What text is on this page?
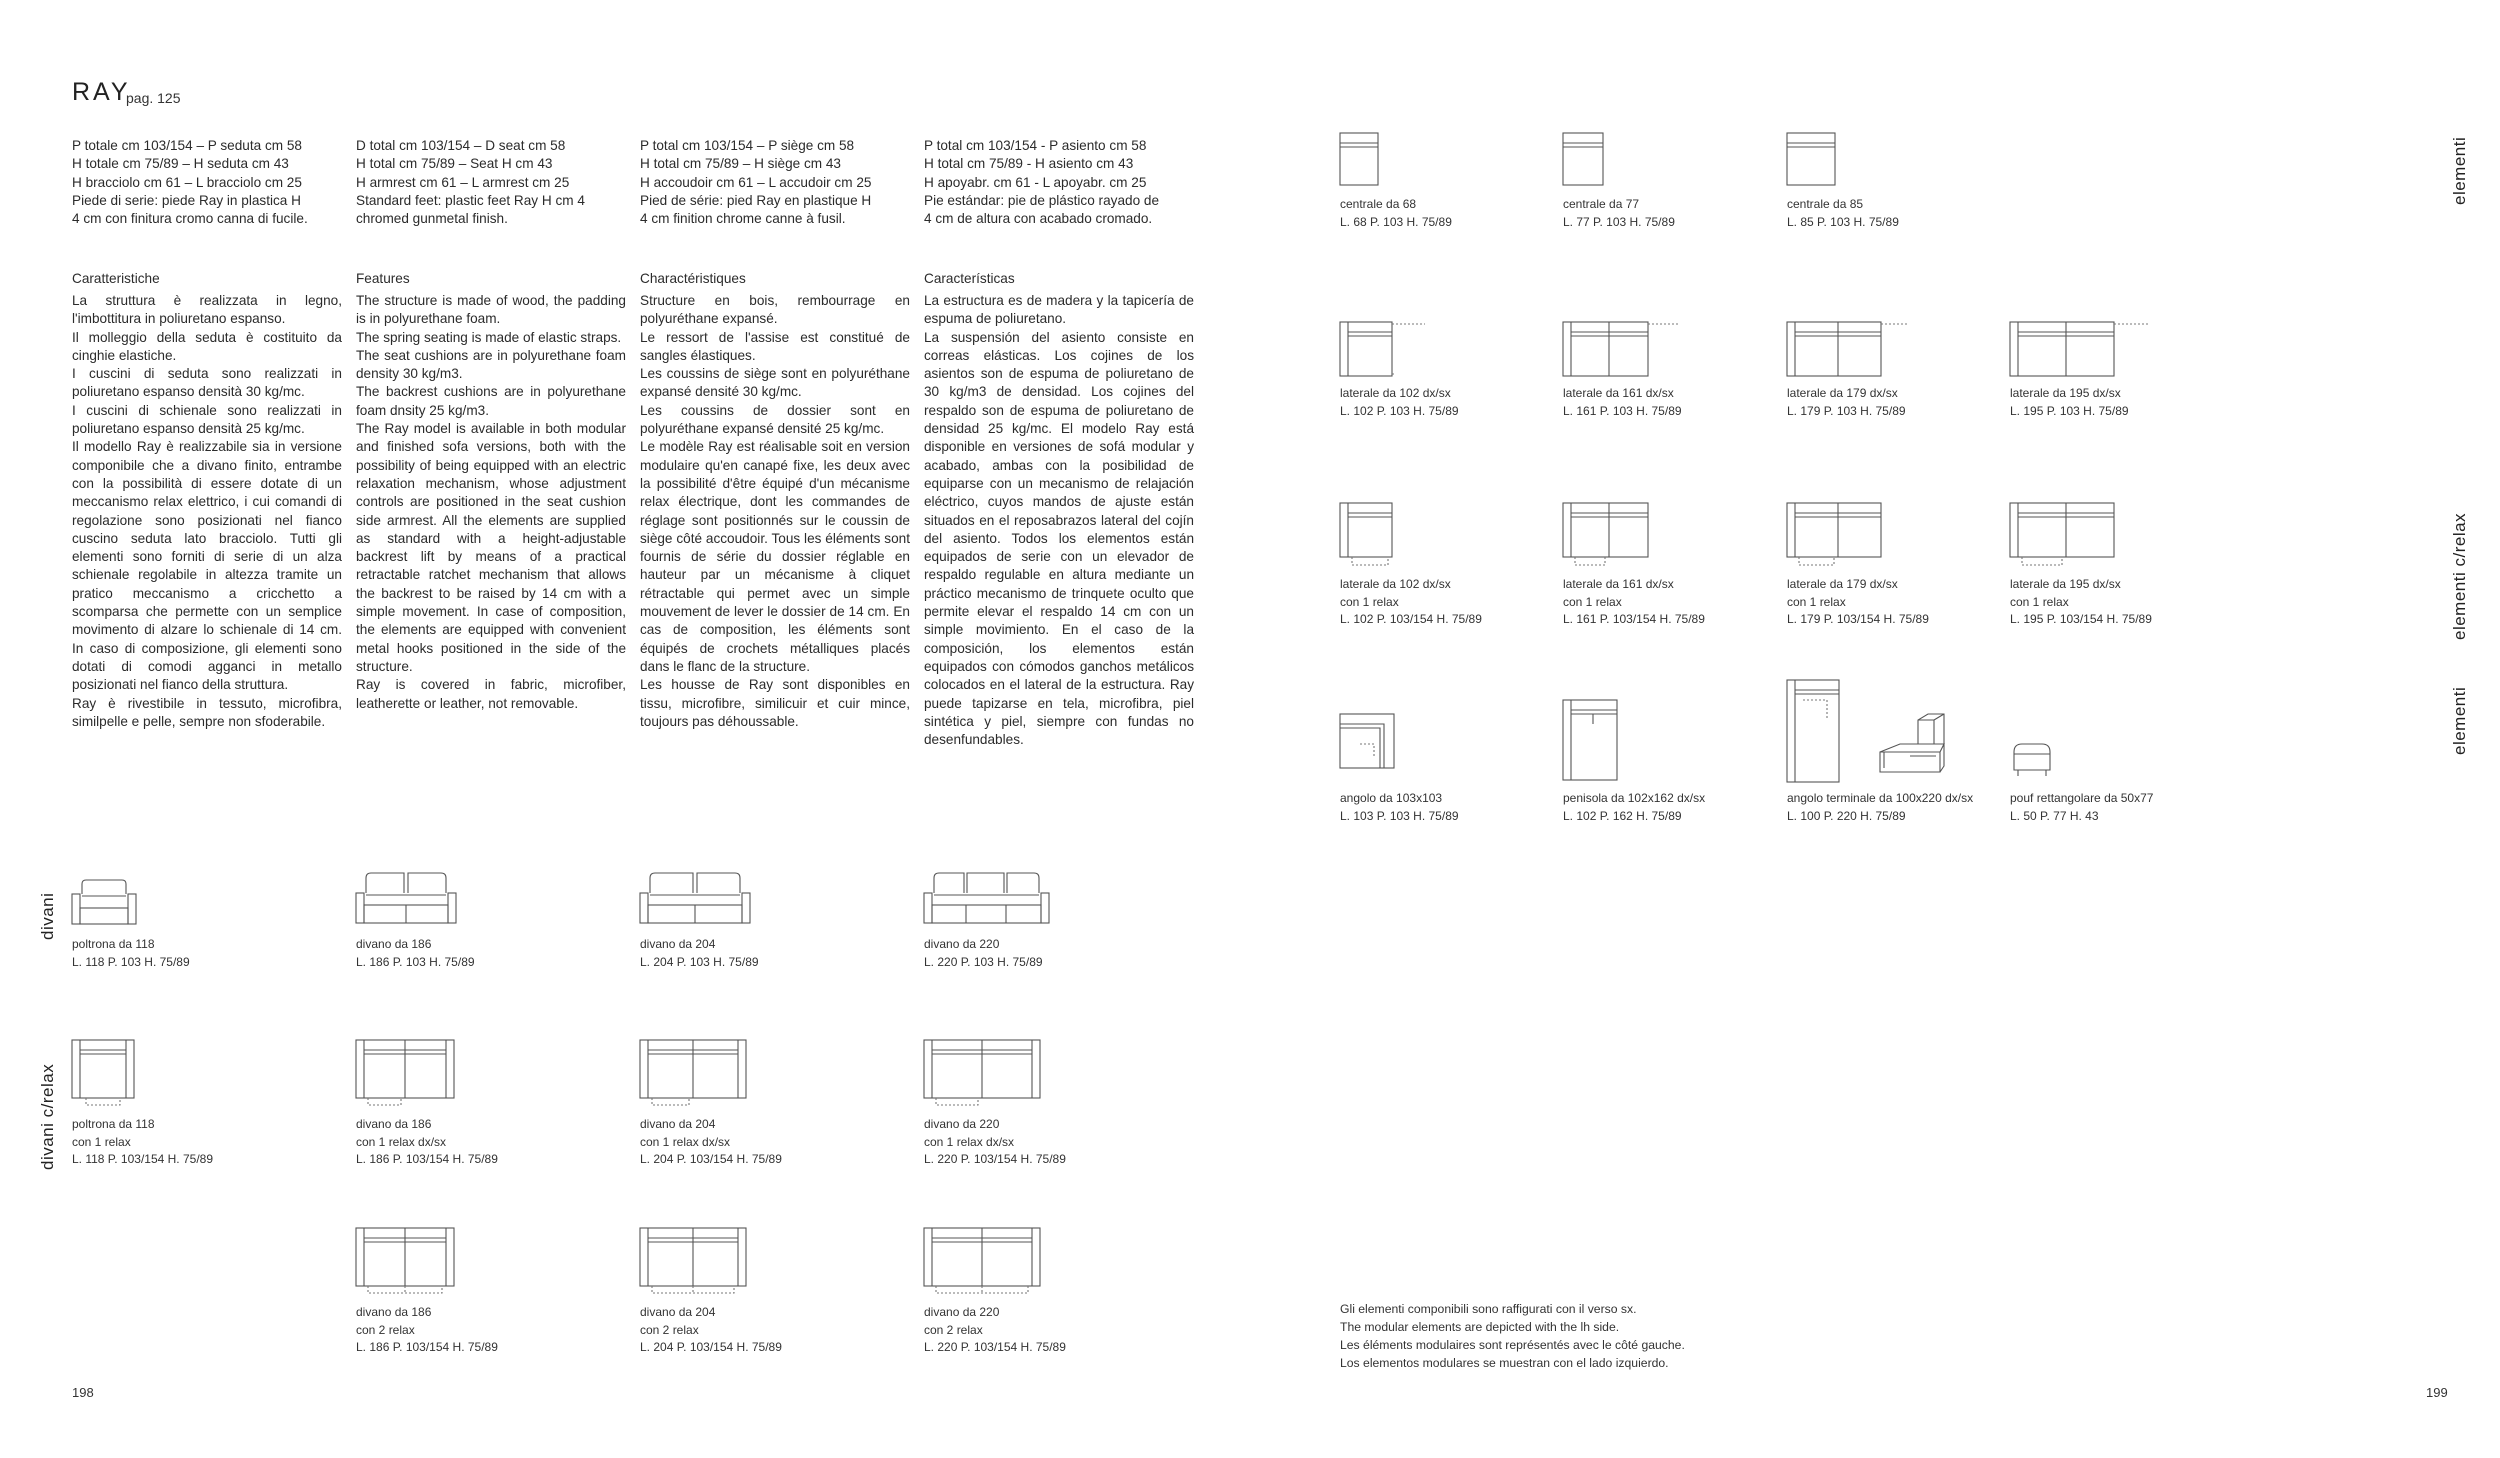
RAY
pag. 125
P totale cm 103/154 – P seduta cm 58
H totale cm 75/89 – H seduta cm 43
H bracciolo cm 61 – L bracciolo cm 25
Piede di serie: piede Ray in plastica H
4 cm con finitura cromo canna di fucile.
D total cm 103/154 – D seat cm 58
H total cm 75/89 – Seat H cm 43
H armrest cm 61 – L armrest cm 25
Standard feet: plastic feet Ray H cm 4
chromed gunmetal finish.
P total cm 103/154 – P siège cm 58
H total cm 75/89 – H siège cm 43
H accoudoir cm 61 – L accudoir cm 25
Pied de série: pied Ray en plastique H
4 cm finition chrome canne à fusil.
P total cm 103/154 - P asiento cm 58
H total cm 75/89 - H asiento cm 43
H apoyabr. cm 61 - L apoyabr. cm 25
Pie estándar: pie de plástico rayado de
4 cm de altura con acabado cromado.
Caratteristiche

La struttura è realizzata in legno, l'imbottitura in poliuretano espanso.

Il molleggio della seduta è costituito da cinghie elastiche.

I cuscini di seduta sono realizzati in poliuretano espanso densità 30 kg/mc.

I cuscini di schienale sono realizzati in poliuretano espanso densità 25 kg/mc.

Il modello Ray è realizzabile sia in versione componibile che a divano finito, entrambe con la possibilità di essere dotate di un meccanismo relax elettrico, i cui comandi di regolazione sono posizionati nel fianco cuscino seduta lato bracciolo. Tutti gli elementi sono forniti di serie di un alza schienale regolabile in altezza tramite un pratico meccanismo a cricchetto a scomparsa che permette con un semplice movimento di alzare lo schienale di 14 cm. In caso di composizione, gli elementi sono dotati di comodi agganci in metallo posizionati nel fianco della struttura.

Ray è rivestibile in tessuto, microfibra, similpelle e pelle, sempre non sfoderabile.

Features

The structure is made of wood, the padding is in polyurethane foam.

The spring seating is made of elastic straps.

The seat cushions are in polyurethane foam density 30 kg/m3.

The backrest cushions are in polyurethane foam dnsity 25 kg/m3.

The Ray model is available in both modular and finished sofa versions, both with the possibility of being equipped with an electric relaxation mechanism, whose adjustment controls are positioned in the seat cushion side armrest. All the elements are supplied as standard with a height-adjustable backrest lift by means of a practical retractable ratchet mechanism that allows the backrest to be raised by 14 cm with a simple movement. In case of composition, the elements are equipped with convenient metal hooks positioned in the side of the structure.

Ray is covered in fabric, microfiber, leatherette or leather, not removable.

Charactéristiques

Structure en bois, rembourrage en polyuréthane expansé.

Le ressort de l'assise est constitué de sangles élastiques.

Les coussins de siège sont en polyuréthane expansé densité 30 kg/mc.

Les coussins de dossier sont en polyuréthane expansé densité 25 kg/mc.

Le modèle Ray est réalisable soit en version modulaire qu'en canapé fixe, les deux avec la possibilité d'être équipé d'un mécanisme relax électrique, dont les commandes de réglage sont positionnés sur le coussin de siège côté accoudoir. Tous les éléments sont fournis de série du dossier réglable en hauteur par un mécanisme à cliquet rétractable qui permet avec un simple mouvement de lever le dossier de 14 cm. En cas de composition, les éléments sont équipés de crochets métalliques placés dans le flanc de la structure.

Les housse de Ray sont disponibles en tissu, microfibre, similicuir et cuir mince, toujours pas déhoussable.

Características

La estructura es de madera y la tapicería de espuma de poliuretano.

La suspensión del asiento consiste en correas elásticas. Los cojines de los asientos son de espuma de poliuretano de 30 kg/m3 de densidad. Los cojines del respaldo son de espuma de poliuretano de densidad 25 kg/mc. El modelo Ray está disponible en versiones de sofá modular y acabado, ambas con la posibilidad de equiparse con un mecanismo de relajación eléctrico, cuyos mandos de ajuste están situados en el reposabrazos lateral del cojín del asiento. Todos los elementos están equipados de serie con un elevador de respaldo regulable en altura mediante un práctico mecanismo de trinquete oculto que permite elevar el respaldo 14 cm con un simple movimiento. En el caso de la composición, los elementos están equipados con cómodos ganchos metálicos colocados en el lateral de la estructura. Ray puede tapizarse en tela, microfibra, piel sintética y piel, siempre con fundas no desenfundables.

divani
divani c/relax
elementi
elementi c/relax
elementi
poltrona da 118
L. 118 P. 103 H. 75/89
divano da 186
L. 186 P. 103 H. 75/89
divano da 204
L. 204 P. 103 H. 75/89
divano da 220
L. 220 P. 103 H. 75/89
poltrona da 118
con 1 relax
L. 118 P. 103/154 H. 75/89
divano da 186
con 1 relax dx/sx
L. 186 P. 103/154 H. 75/89
divano da 204
con 1 relax dx/sx
L. 204 P. 103/154 H. 75/89
divano da 220
con 1 relax dx/sx
L. 220 P. 103/154 H. 75/89
divano da 186
con 2 relax
L. 186 P. 103/154 H. 75/89
divano da 204
con 2 relax
L. 204 P. 103/154 H. 75/89
divano da 220
con 2 relax
L. 220 P. 103/154 H. 75/89
centrale da 68
L. 68 P. 103 H. 75/89
centrale da 77
L. 77 P. 103 H. 75/89
centrale da 85
L. 85 P. 103 H. 75/89
laterale da 102 dx/sx
L. 102 P. 103 H. 75/89
laterale da 161 dx/sx
L. 161 P. 103 H. 75/89
laterale da 179 dx/sx
L. 179 P. 103 H. 75/89
laterale da 195 dx/sx
L. 195 P. 103 H. 75/89
laterale da 102 dx/sx
con 1 relax
L. 102 P. 103/154 H. 75/89
laterale da 161 dx/sx
con 1 relax
L. 161 P. 103/154 H. 75/89
laterale da 179 dx/sx
con 1 relax
L. 179 P. 103/154 H. 75/89
laterale da 195 dx/sx
con 1 relax
L. 195 P. 103/154 H. 75/89
angolo da 103x103
L. 103 P. 103 H. 75/89
penisola da 102x162 dx/sx
L. 102 P. 162 H. 75/89
angolo terminale da 100x220 dx/sx
L. 100 P. 220 H. 75/89
pouf rettangolare da 50x77
L. 50 P. 77 H. 43
Gli elementi componibili sono raffigurati con il verso sx.
The modular elements are depicted with the lh side.
Les éléments modulaires sont représentés avec le côté gauche.
Los elementos modulares se muestran con el lado izquierdo.
198	199
